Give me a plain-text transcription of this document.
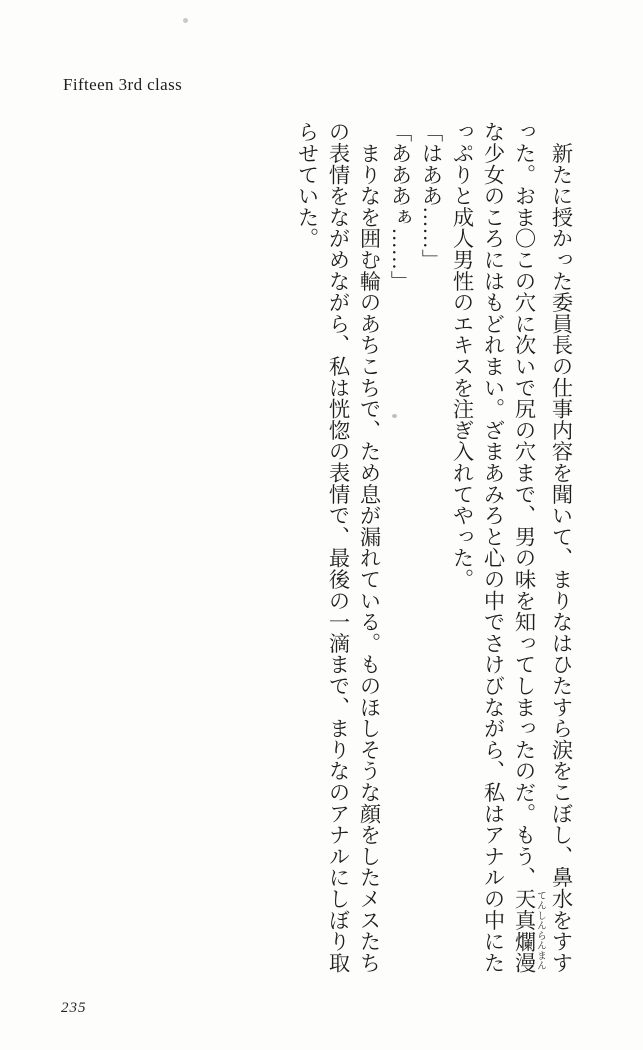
Fifteen 3rd class

　新たに授かった委員長の仕事内容を聞いて、まりなはひたすら涙をこぼし、鼻水をすす

った。おま〇この穴に次いで尻の穴まで、男の味を知ってしまったのだ。もう、天真爛漫 てんしんらんまん

な少女のころにはもどれまい。ざまあみろと心の中でさけびながら、私はアナルの中にた

っぷりと成人男性のエキスを注ぎ入れてやった。

「はああ……」

「あああぁ……」

　まりなを囲む輪のあちこちで、ため息が漏れている。ものほしそうな顔をしたメスたち

の表情をながめながら、私は恍惚の表情で、最後の一滴まで、まりなのアナルにしぼり取

らせていた。

235
